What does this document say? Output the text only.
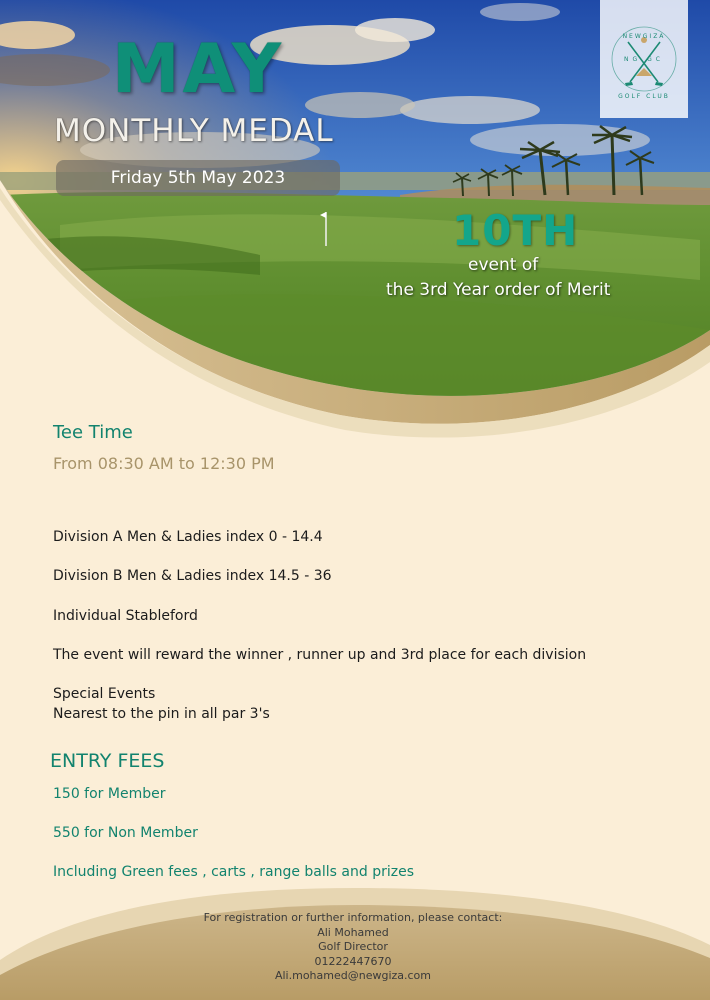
NEWGIZA
NG GC
GOLF CLUB
MAY
MONTHLY MEDAL
Friday 5th May 2023
10TH
event of
the 3rd Year order of Merit
Tee Time
From 08:30 AM to 12:30 PM
Division A Men & Ladies index 0 - 14.4
Division B Men & Ladies index 14.5 - 36
Individual Stableford
The event will reward the winner , runner up and 3rd place for each division
Special Events
Nearest to the pin in all par 3's
ENTRY FEES
150 for Member
550 for Non Member
Including Green fees , carts , range balls and prizes
For registration or further information, please contact:
Ali Mohamed
Golf Director
01222447670
Ali.mohamed@newgiza.com
